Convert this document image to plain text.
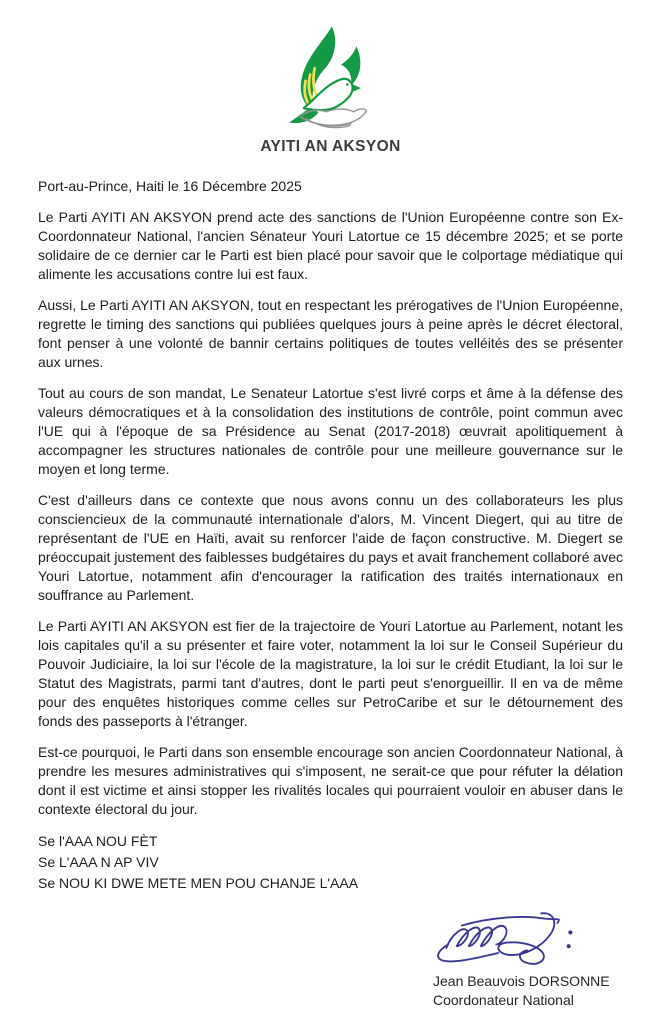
AYITI AN AKSYON

Port-au-Prince, Haiti le 16 Décembre 2025

Le Parti AYITI AN AKSYON prend acte des sanctions de l'Union Européenne contre son Ex-Coordonnateur National, l'ancien Sénateur Youri Latortue ce 15 décembre 2025; et se porte solidaire de ce dernier car le Parti est bien placé pour savoir que le colportage médiatique qui alimente les accusations contre lui est faux.

Aussi, Le Parti AYITI AN AKSYON, tout en respectant les prérogatives de l'Union Européenne, regrette le timing des sanctions qui publiées quelques jours à peine après le décret électoral, font penser à une volonté de bannir certains politiques de toutes velléités des se présenter aux urnes.

Tout au cours de son mandat, Le Senateur Latortue s'est livré corps et âme à la défense des valeurs démocratiques et à la consolidation des institutions de contrôle, point commun avec l'UE qui à l'époque de sa Présidence au Senat (2017-2018) œuvrait apolitiquement à accompagner les structures nationales de contrôle pour une meilleure gouvernance sur le moyen et long terme.

C'est d'ailleurs dans ce contexte que nous avons connu un des collaborateurs les plus consciencieux de la communauté internationale d'alors, M. Vincent Diegert, qui au titre de représentant de l'UE en Haïti, avait su renforcer l'aide de façon constructive. M. Diegert se préoccupait justement des faiblesses budgétaires du pays et avait franchement collaboré avec Youri Latortue, notamment afin d'encourager la ratification des traités internationaux en souffrance au Parlement.

Le Parti AYITI AN AKSYON est fier de la trajectoire de Youri Latortue au Parlement, notant les lois capitales qu'il a su présenter et faire voter, notamment la loi sur le Conseil Supérieur du Pouvoir Judiciaire, la loi sur l'école de la magistrature, la loi sur le crédit Etudiant, la loi sur le Statut des Magistrats, parmi tant d'autres, dont le parti peut s'enorgueillir. Il en va de même pour des enquêtes historiques comme celles sur PetroCaribe et sur le détournement des fonds des passeports à l'étranger.

Est-ce pourquoi, le Parti dans son ensemble encourage son ancien Coordonnateur National, à prendre les mesures administratives qui s'imposent, ne serait-ce que pour réfuter la délation dont il est victime et ainsi stopper les rivalités locales qui pourraient vouloir en abuser dans le contexte électoral du jour.

Se l'AAA NOU FÈT
Se L'AAA N AP VIV
Se NOU KI DWE METE MEN POU CHANJE L'AAA
Jean Beauvois DORSONNE
Coordonateur National
